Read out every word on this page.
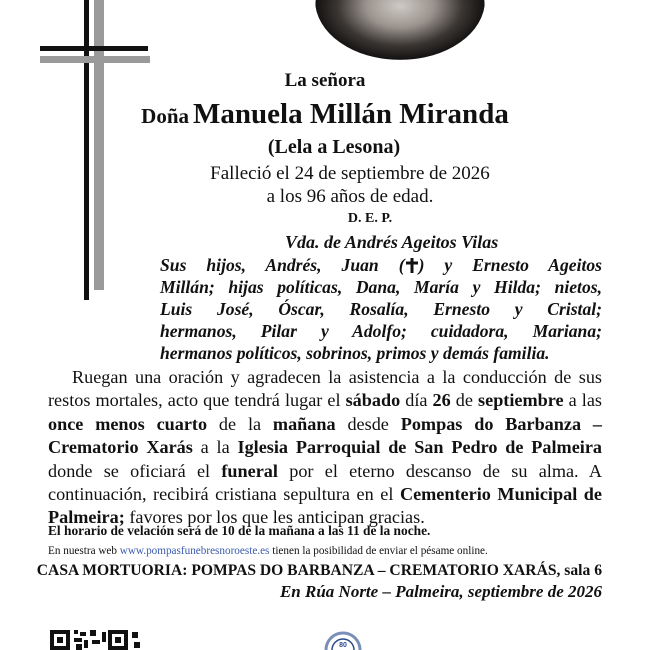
La señora
Doña Manuela Millán Miranda
(Lela a Lesona)
Falleció el 24 de septiembre de 2026
a los 96 años de edad.
D. E. P.
Vda. de Andrés Ageitos Vilas
Sus hijos, Andrés, Juan ( ) y Ernesto Ageitos
Millán; hijas políticas, Dana, María y Hilda; nietos,
Luis José, Óscar, Rosalía, Ernesto y Cristal;
hermanos, Pilar y Adolfo; cuidadora, Mariana;
hermanos políticos, sobrinos, primos y demás familia.
Ruegan una oración y agradecen la asistencia a la conducción de sus restos mortales, acto que tendrá lugar el sábado día 26 de septiembre a las once menos cuarto de la mañana desde Pompas do Barbanza – Crematorio Xarás a la Iglesia Parroquial de San Pedro de Palmeira donde se oficiará el funeral por el eterno descanso de su alma. A continuación, recibirá cristiana sepultura en el Cementerio Municipal de Palmeira; favores por los que les anticipan gracias.
El horario de velación será de 10 de la mañana a las 11 de la noche.
En nuestra web www.pompasfunebresnoroeste.es tienen la posibilidad de enviar el pésame online.
CASA MORTUORIA: POMPAS DO BARBANZA – CREMATORIO XARÁS, sala 6
En Rúa Norte – Palmeira, septiembre de 2026
80
